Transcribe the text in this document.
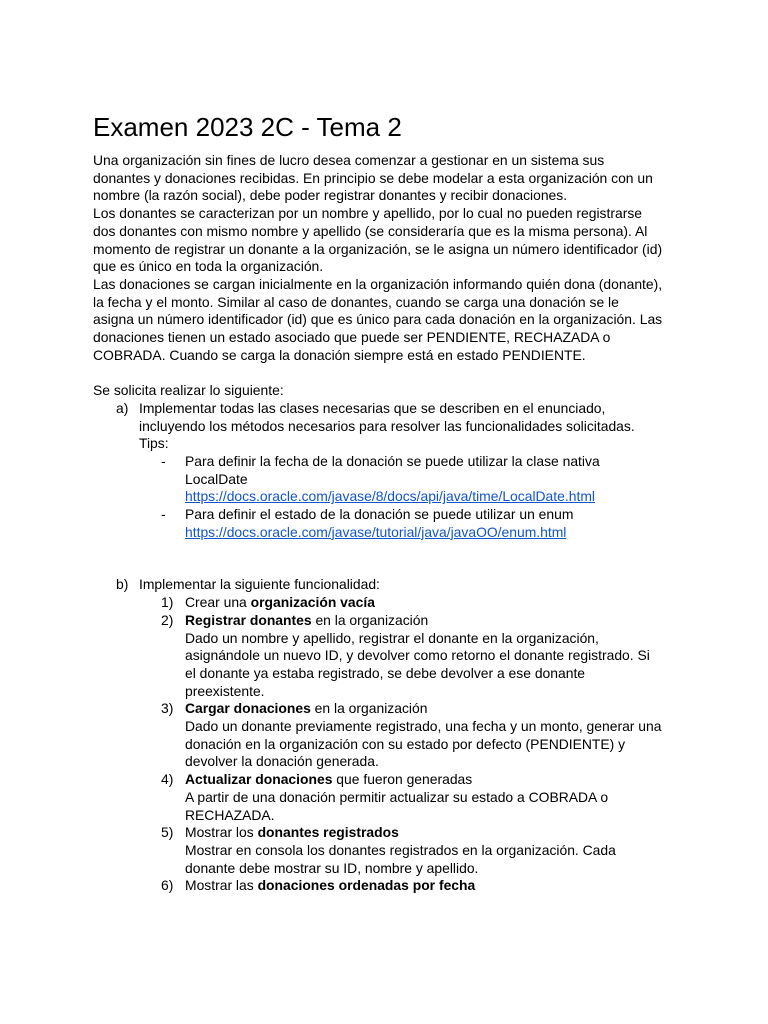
Examen 2023 2C - Tema 2
Una organización sin fines de lucro desea comenzar a gestionar en un sistema sus
donantes y donaciones recibidas. En principio se debe modelar a esta organización con un
nombre (la razón social), debe poder registrar donantes y recibir donaciones.
Los donantes se caracterizan por un nombre y apellido, por lo cual no pueden registrarse
dos donantes con mismo nombre y apellido (se consideraría que es la misma persona). Al
momento de registrar un donante a la organización, se le asigna un número identificador (id)
que es único en toda la organización.
Las donaciones se cargan inicialmente en la organización informando quién dona (donante),
la fecha y el monto. Similar al caso de donantes, cuando se carga una donación se le
asigna un número identificador (id) que es único para cada donación en la organización. Las
donaciones tienen un estado asociado que puede ser PENDIENTE, RECHAZADA o
COBRADA. Cuando se carga la donación siempre está en estado PENDIENTE.
Se solicita realizar lo siguiente:
a) Implementar todas las clases necesarias que se describen en el enunciado,
incluyendo los métodos necesarios para resolver las funcionalidades solicitadas.
Tips:
- Para definir la fecha de la donación se puede utilizar la clase nativa
LocalDate
https://docs.oracle.com/javase/8/docs/api/java/time/LocalDate.html
- Para definir el estado de la donación se puede utilizar un enum
https://docs.oracle.com/javase/tutorial/java/javaOO/enum.html
b) Implementar la siguiente funcionalidad:
1) Crear una organización vacía
2) Registrar donantes en la organización
Dado un nombre y apellido, registrar el donante en la organización,
asignándole un nuevo ID, y devolver como retorno el donante registrado. Si
el donante ya estaba registrado, se debe devolver a ese donante
preexistente.
3) Cargar donaciones en la organización
Dado un donante previamente registrado, una fecha y un monto, generar una
donación en la organización con su estado por defecto (PENDIENTE) y
devolver la donación generada.
4) Actualizar donaciones que fueron generadas
A partir de una donación permitir actualizar su estado a COBRADA o
RECHAZADA.
5) Mostrar los donantes registrados
Mostrar en consola los donantes registrados en la organización. Cada
donante debe mostrar su ID, nombre y apellido.
6) Mostrar las donaciones ordenadas por fecha
